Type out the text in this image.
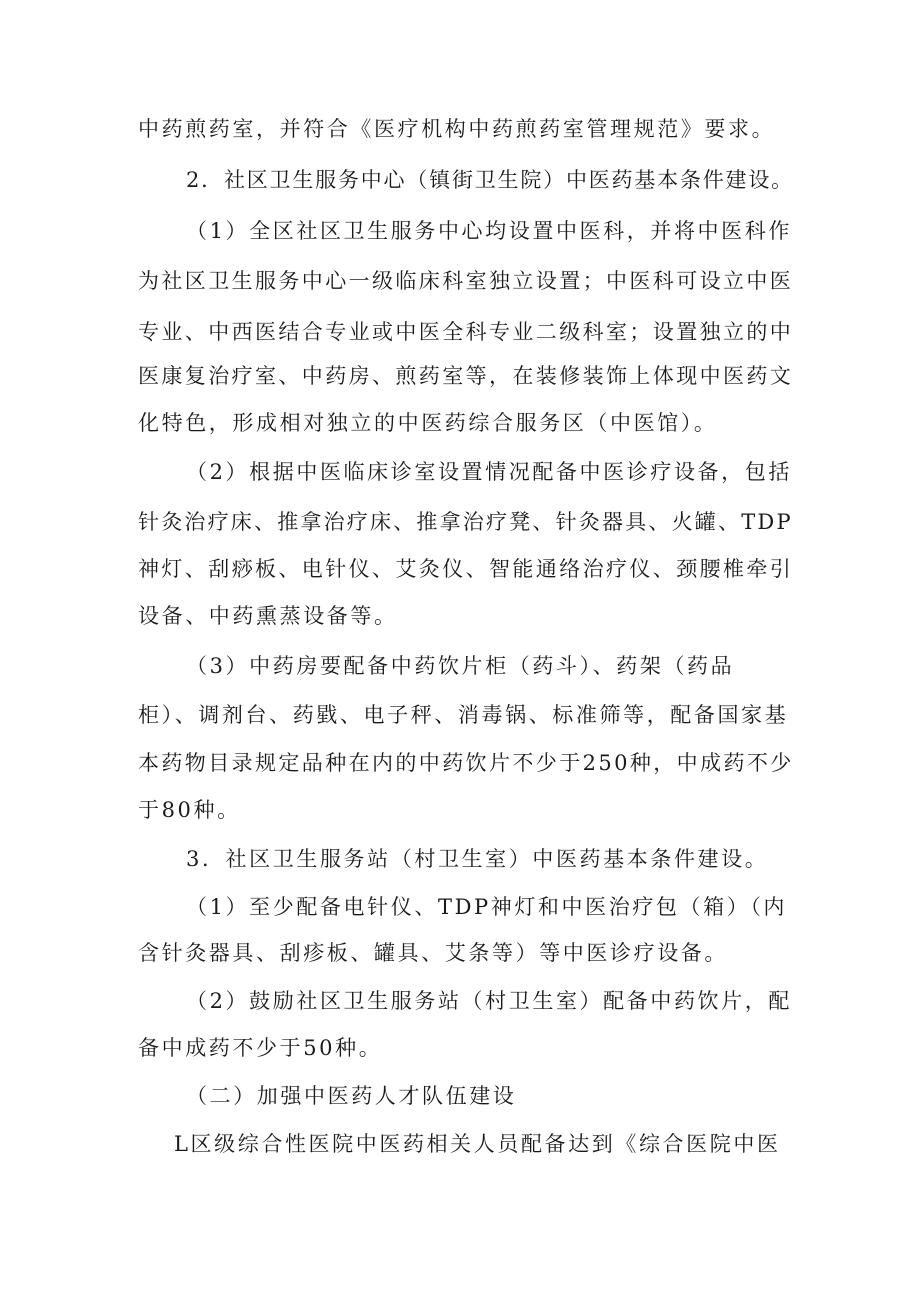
中药煎药室，并符合《医疗机构中药煎药室管理规范》要求。
2．社区卫生服务中心（镇街卫生院）中医药基本条件建设。
（1）全区社区卫生服务中心均设置中医科，并将中医科作
为社区卫生服务中心一级临床科室独立设置；中医科可设立中医
专业、中西医结合专业或中医全科专业二级科室；设置独立的中
医康复治疗室、中药房、煎药室等，在装修装饰上体现中医药文
化特色，形成相对独立的中医药综合服务区（中医馆）。
（2）根据中医临床诊室设置情况配备中医诊疗设备，包括
针灸治疗床、推拿治疗床、推拿治疗凳、针灸器具、火罐、TDP
神灯、刮痧板、电针仪、艾灸仪、智能通络治疗仪、颈腰椎牵引
设备、中药熏蒸设备等。
（3）中药房要配备中药饮片柜（药斗）、药架（药品
柜）、调剂台、药戥、电子秤、消毒锅、标准筛等，配备国家基
本药物目录规定品种在内的中药饮片不少于250种，中成药不少
于80种。
3．社区卫生服务站（村卫生室）中医药基本条件建设。
（1）至少配备电针仪、TDP神灯和中医治疗包（箱）（内
含针灸器具、刮疹板、罐具、艾条等）等中医诊疗设备。
（2）鼓励社区卫生服务站（村卫生室）配备中药饮片，配
备中成药不少于50种。
（二）加强中医药人才队伍建设
L区级综合性医院中医药相关人员配备达到《综合医院中医
